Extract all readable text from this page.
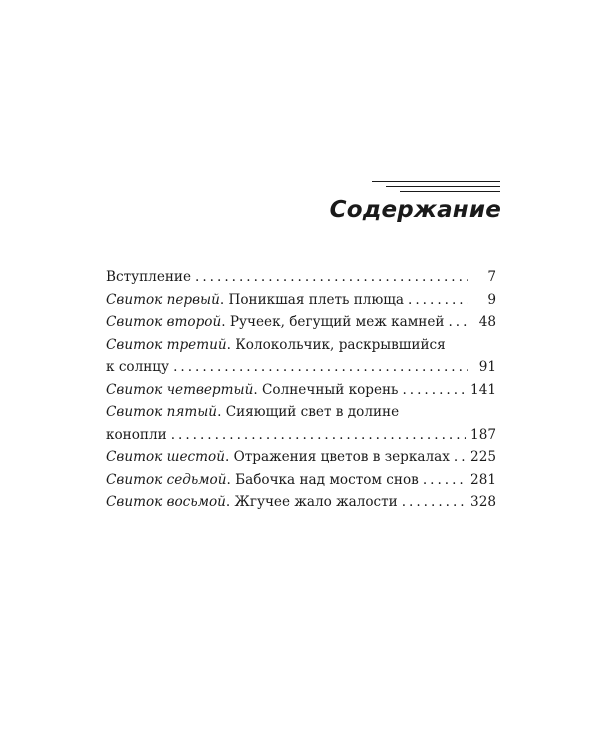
Содержание
Вступление .....	7
Свиток первый. Поникшая плеть плюща .....	9
Свиток второй. Ручеек, бегущий меж камней .....	48
Свиток третий. Колокольчик, раскрывшийся
к солнцу .....	91
Свиток четвертый. Солнечный корень .....	141
Свиток пятый. Сияющий свет в долине
конопли .....	187
Свиток шестой. Отражения цветов в зеркалах ..... 225
Свиток седьмой. Бабочка над мостом снов .....	281
Свиток восьмой. Жгучее жало жалости .....	328
